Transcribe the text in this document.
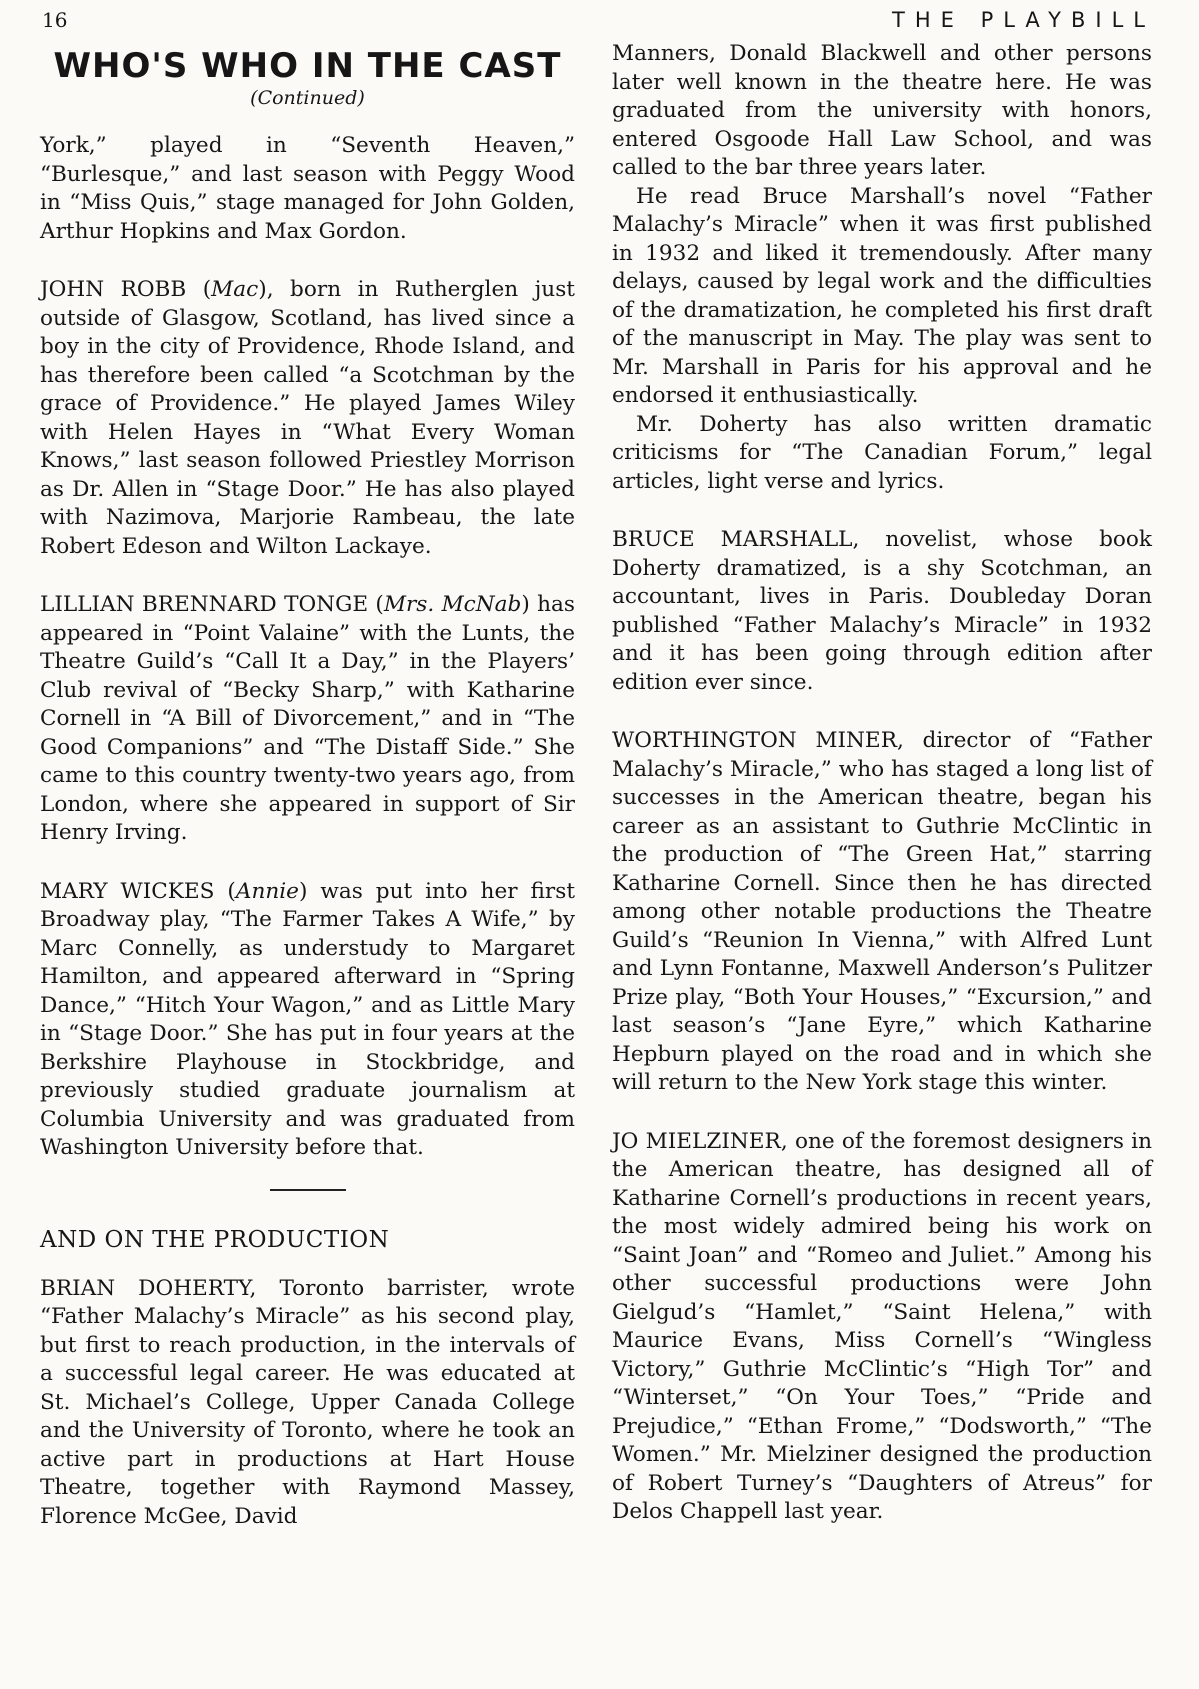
16	THE PLAYBILL
WHO'S WHO IN THE CAST
(Continued)

York,” played in “Seventh Heaven,” “Burlesque,” and last season with Peggy Wood in “Miss Quis,” stage managed for John Golden, Arthur Hopkins and Max Gordon.

JOHN ROBB (Mac), born in Rutherglen just outside of Glasgow, Scotland, has lived since a boy in the city of Providence, Rhode Island, and has therefore been called “a Scotchman by the grace of Providence.” He played James Wiley with Helen Hayes in “What Every Woman Knows,” last season followed Priestley Morrison as Dr. Allen in “Stage Door.” He has also played with Nazimova, Marjorie Rambeau, the late Robert Edeson and Wilton Lackaye.

LILLIAN BRENNARD TONGE (Mrs. McNab) has appeared in “Point Valaine” with the Lunts, the Theatre Guild’s “Call It a Day,” in the Players’ Club revival of “Becky Sharp,” with Katharine Cornell in “A Bill of Divorcement,” and in “The Good Companions” and “The Distaff Side.” She came to this country twenty-two years ago, from London, where she appeared in support of Sir Henry Irving.

MARY WICKES (Annie) was put into her first Broadway play, “The Farmer Takes A Wife,” by Marc Connelly, as understudy to Margaret Hamilton, and appeared afterward in “Spring Dance,” “Hitch Your Wagon,” and as Little Mary in “Stage Door.” She has put in four years at the Berkshire Playhouse in Stockbridge, and previously studied graduate journalism at Columbia University and was graduated from Washington University before that.

AND ON THE PRODUCTION

BRIAN DOHERTY, Toronto barrister, wrote “Father Malachy’s Miracle” as his second play, but first to reach production, in the intervals of a successful legal career. He was educated at St. Michael’s College, Upper Canada College and the University of Toronto, where he took an active part in productions at Hart House Theatre, together with Raymond Massey, Florence McGee, David

Manners, Donald Blackwell and other persons later well known in the theatre here. He was graduated from the university with honors, entered Osgoode Hall Law School, and was called to the bar three years later.

He read Bruce Marshall’s novel “Father Malachy’s Miracle” when it was first published in 1932 and liked it tremendously. After many delays, caused by legal work and the difficulties of the dramatization, he completed his first draft of the manuscript in May. The play was sent to Mr. Marshall in Paris for his approval and he endorsed it enthusiastically.

Mr. Doherty has also written dramatic criticisms for “The Canadian Forum,” legal articles, light verse and lyrics.

BRUCE MARSHALL, novelist, whose book Doherty dramatized, is a shy Scotchman, an accountant, lives in Paris. Doubleday Doran published “Father Malachy’s Miracle” in 1932 and it has been going through edition after edition ever since.

WORTHINGTON MINER, director of “Father Malachy’s Miracle,” who has staged a long list of successes in the American theatre, began his career as an assistant to Guthrie McClintic in the production of “The Green Hat,” starring Katharine Cornell. Since then he has directed among other notable productions the Theatre Guild’s “Reunion In Vienna,” with Alfred Lunt and Lynn Fontanne, Maxwell Anderson’s Pulitzer Prize play, “Both Your Houses,” “Excursion,” and last season’s “Jane Eyre,” which Katharine Hepburn played on the road and in which she will return to the New York stage this winter.

JO MIELZINER, one of the foremost designers in the American theatre, has designed all of Katharine Cornell’s productions in recent years, the most widely admired being his work on “Saint Joan” and “Romeo and Juliet.” Among his other successful productions were John Gielgud’s “Hamlet,” “Saint Helena,” with Maurice Evans, Miss Cornell’s “Wingless Victory,” Guthrie McClintic’s “High Tor” and “Winterset,” “On Your Toes,” “Pride and Prejudice,” “Ethan Frome,” “Dodsworth,” “The Women.” Mr. Mielziner designed the production of Robert Turney’s “Daughters of Atreus” for Delos Chappell last year.
